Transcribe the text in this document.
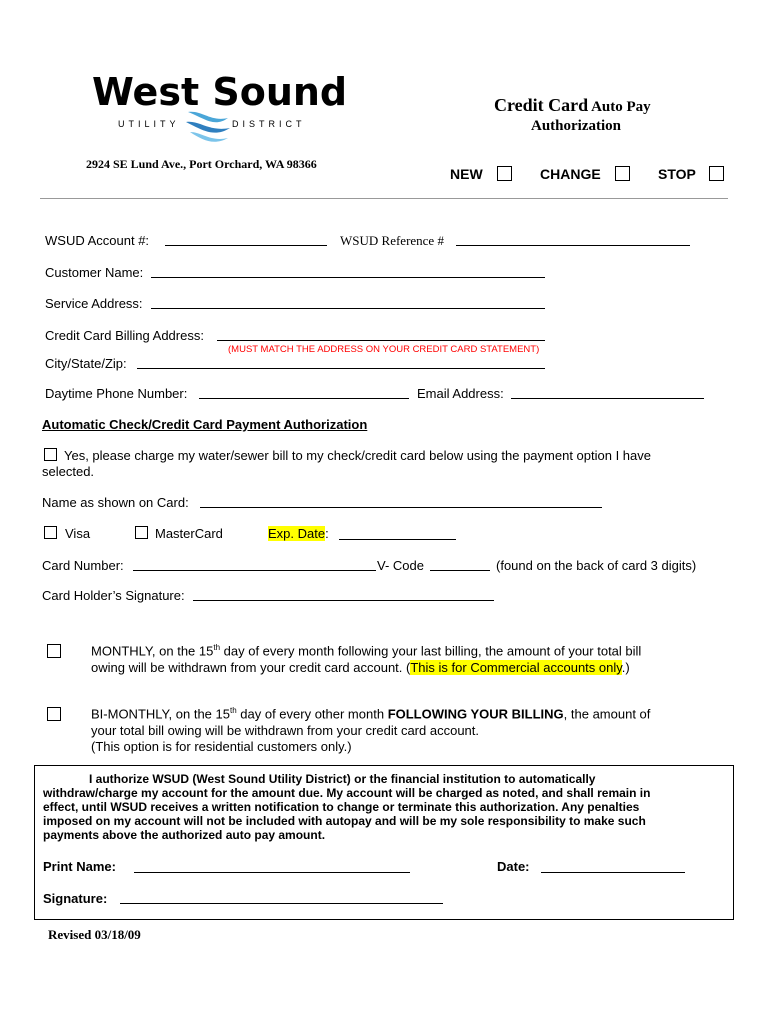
West Sound
UTILITY	DISTRICT
2924 SE Lund Ave., Port Orchard, WA 98366
Credit Card Auto Pay
Authorization
NEW	CHANGE	STOP
WSUD Account #:	WSUD Reference #
Customer Name:
Service Address:
Credit Card Billing Address:
(MUST MATCH THE ADDRESS ON YOUR CREDIT CARD STATEMENT)
City/State/Zip:
Daytime Phone Number:	Email Address:
Automatic Check/Credit Card Payment Authorization
Yes, please charge my water/sewer bill to my check/credit card below using the payment option I have
selected.
Name as shown on Card:
Visa	MasterCard	Exp. Date:
Card Number:	V- Code	(found on the back of card 3 digits)
Card Holder’s Signature:
MONTHLY, on the 15th day of every month following your last billing, the amount of your total bill
owing will be withdrawn from your credit card account. (This is for Commercial accounts only.)
BI-MONTHLY, on the 15th day of every other month FOLLOWING YOUR BILLING, the amount of
your total bill owing will be withdrawn from your credit card account.
(This option is for residential customers only.)
I authorize WSUD (West Sound Utility District) or the financial institution to automatically
withdraw/charge my account for the amount due. My account will be charged as noted, and shall remain in
effect, until WSUD receives a written notification to change or terminate this authorization. Any penalties
imposed on my account will not be included with autopay and will be my sole responsibility to make such
payments above the authorized auto pay amount.
Print Name:	Date:
Signature:
Revised 03/18/09
